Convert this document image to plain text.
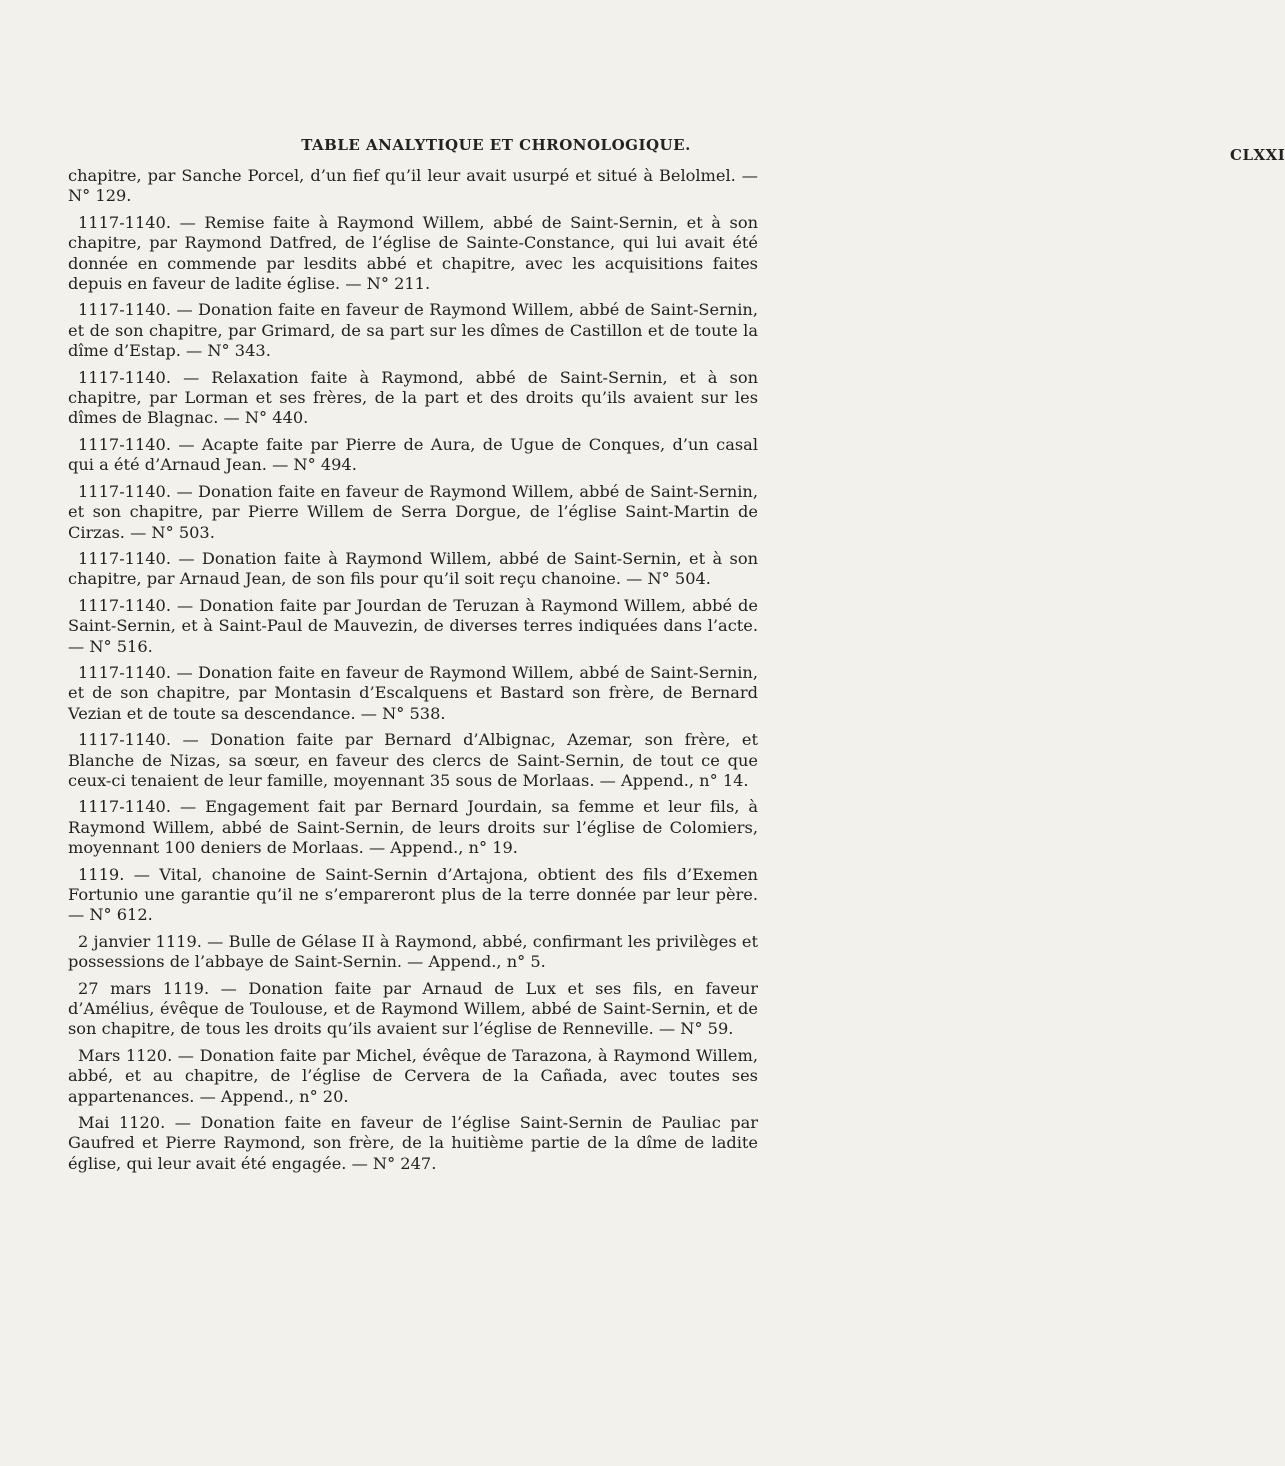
TABLE ANALYTIQUE ET CHRONOLOGIQUE.
CLXXI

chapitre, par Sanche Porcel, d’un fief qu’il leur avait usurpé et situé à Belolmel. — N° 129.

1117-1140. — Remise faite à Raymond Willem, abbé de Saint-Sernin, et à son chapitre, par Raymond Datfred, de l’église de Sainte-Constance, qui lui avait été donnée en commende par lesdits abbé et chapitre, avec les acquisitions faites depuis en faveur de ladite église. — N° 211.

1117-1140. — Donation faite en faveur de Raymond Willem, abbé de Saint-Sernin, et de son chapitre, par Grimard, de sa part sur les dîmes de Castillon et de toute la dîme d’Estap. — N° 343.

1117-1140. — Relaxation faite à Raymond, abbé de Saint-Sernin, et à son chapitre, par Lorman et ses frères, de la part et des droits qu’ils avaient sur les dîmes de Blagnac. — N° 440.

1117-1140. — Acapte faite par Pierre de Aura, de Ugue de Conques, d’un casal qui a été d’Arnaud Jean. — N° 494.

1117-1140. — Donation faite en faveur de Raymond Willem, abbé de Saint-Sernin, et son chapitre, par Pierre Willem de Serra Dorgue, de l’église Saint-Martin de Cirzas. — N° 503.

1117-1140. — Donation faite à Raymond Willem, abbé de Saint-Sernin, et à son chapitre, par Arnaud Jean, de son fils pour qu’il soit reçu chanoine. — N° 504.

1117-1140. — Donation faite par Jourdan de Teruzan à Raymond Willem, abbé de Saint-Sernin, et à Saint-Paul de Mauvezin, de diverses terres indiquées dans l’acte. — N° 516.

1117-1140. — Donation faite en faveur de Raymond Willem, abbé de Saint-Sernin, et de son chapitre, par Montasin d’Escalquens et Bastard son frère, de Bernard Vezian et de toute sa descendance. — N° 538.

1117-1140. — Donation faite par Bernard d’Albignac, Azemar, son frère, et Blanche de Nizas, sa sœur, en faveur des clercs de Saint-Sernin, de tout ce que ceux-ci tenaient de leur famille, moyennant 35 sous de Morlaas. — Append., n° 14.

1117-1140. — Engagement fait par Bernard Jourdain, sa femme et leur fils, à Raymond Willem, abbé de Saint-Sernin, de leurs droits sur l’église de Colomiers, moyennant 100 deniers de Morlaas. — Append., n° 19.

1119. — Vital, chanoine de Saint-Sernin d’Artajona, obtient des fils d’Exemen Fortunio une garantie qu’il ne s’empareront plus de la terre donnée par leur père. — N° 612.

2 janvier 1119. — Bulle de Gélase II à Raymond, abbé, confirmant les privilèges et possessions de l’abbaye de Saint-Sernin. — Append., n° 5.

27 mars 1119. — Donation faite par Arnaud de Lux et ses fils, en faveur d’Amélius, évêque de Toulouse, et de Raymond Willem, abbé de Saint-Sernin, et de son chapitre, de tous les droits qu’ils avaient sur l’église de Renneville. — N° 59.

Mars 1120. — Donation faite par Michel, évêque de Tarazona, à Raymond Willem, abbé, et au chapitre, de l’église de Cervera de la Cañada, avec toutes ses appartenances. — Append., n° 20.

Mai 1120. — Donation faite en faveur de l’église Saint-Sernin de Pauliac par Gaufred et Pierre Raymond, son frère, de la huitième partie de la dîme de ladite église, qui leur avait été engagée. — N° 247.
